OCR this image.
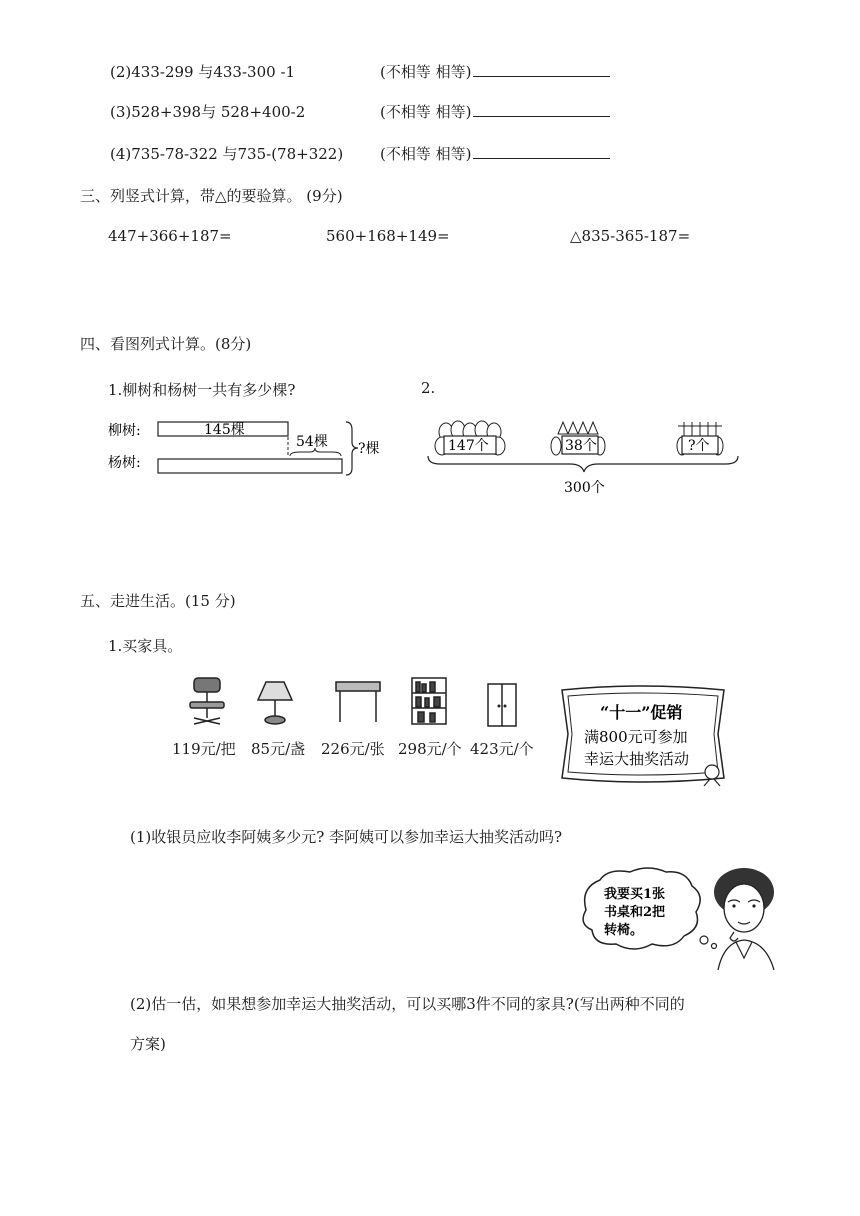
(2)433-299 与433-300 -1	(不相等 相等)
(3)528+398与 528+400-2	(不相等 相等)
(4)735-78-322 与735-(78+322) (不相等 相等)
三、列竖式计算，带△的要验算。 (9分)
447+366+187=	560+168+149=	△835-365-187=
四、看图列式计算。(8分)
1.柳树和杨树一共有多少棵?	2.
柳树:
杨树:
145棵
54棵 ?棵	147个	38个	?个
300个
五、走进生活。(15 分)
1.买家具。
119元/把 85元/盏 226元/张 298元/个 423元/个
“十一”促销
满800元可参加
幸运大抽奖活动
(1)收银员应收李阿姨多少元? 李阿姨可以参加幸运大抽奖活动吗?
我要买1张
书桌和2把
转椅。
(2)估一估，如果想参加幸运大抽奖活动，可以买哪3件不同的家具?(写出两种不同的
方案)
